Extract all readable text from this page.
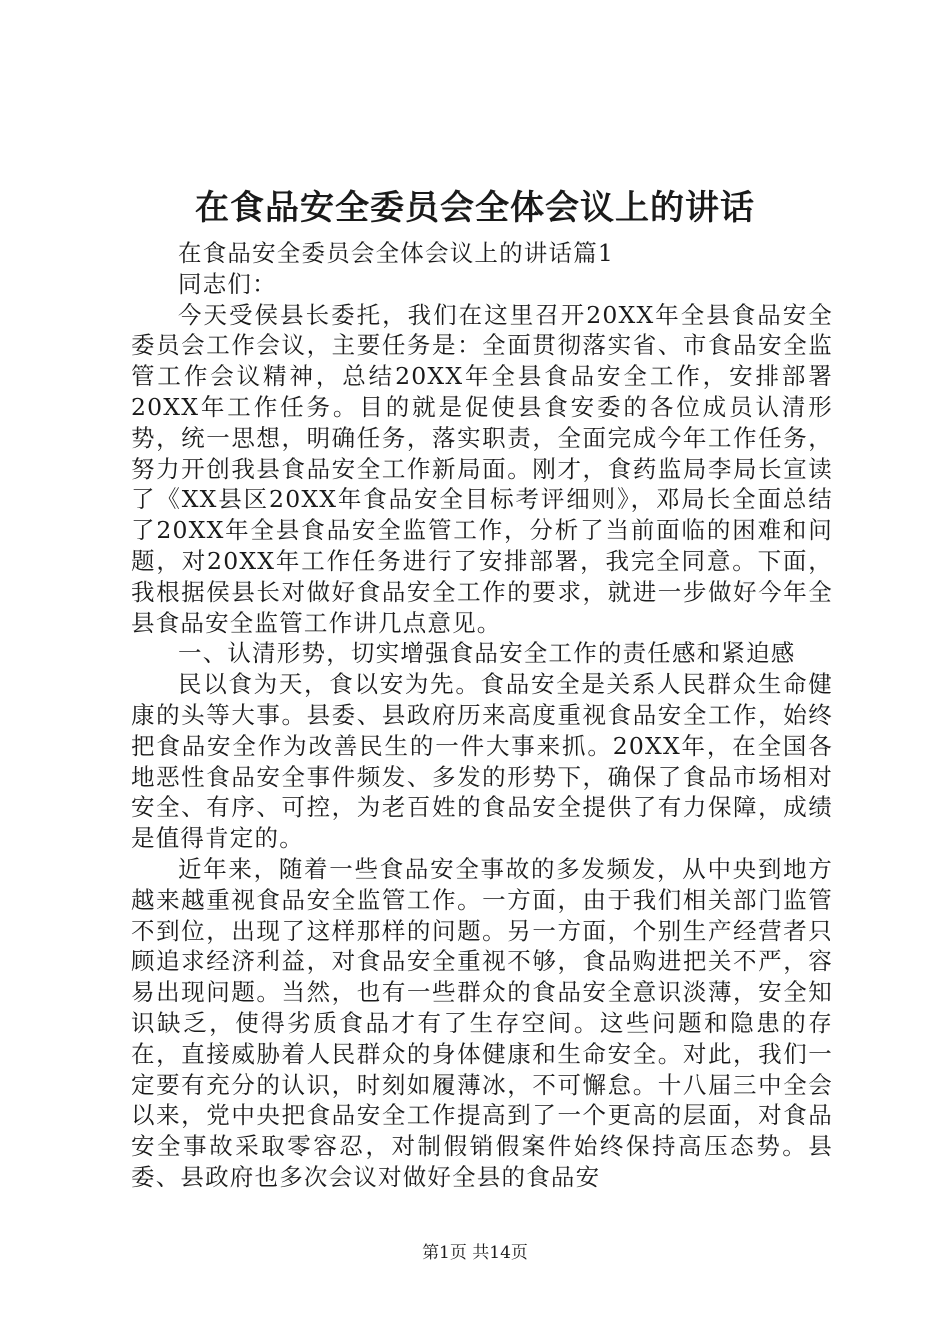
在食品安全委员会全体会议上的讲话

在食品安全委员会全体会议上的讲话篇1

同志们：

今天受侯县长委托，我们在这里召开20XX年全县食品安全委员会工作会议，主要任务是：全面贯彻落实省、市食品安全监管工作会议精神，总结20XX年全县食品安全工作，安排部署20XX年工作任务。目的就是促使县食安委的各位成员认清形势，统一思想，明确任务，落实职责，全面完成今年工作任务，努力开创我县食品安全工作新局面。刚才，食药监局李局长宣读了《XX县区20XX年食品安全目标考评细则》，邓局长全面总结了20XX年全县食品安全监管工作，分析了当前面临的困难和问题，对20XX年工作任务进行了安排部署，我完全同意。下面，我根据侯县长对做好食品安全工作的要求，就进一步做好今年全县食品安全监管工作讲几点意见。

一、认清形势，切实增强食品安全工作的责任感和紧迫感

民以食为天，食以安为先。食品安全是关系人民群众生命健康的头等大事。县委、县政府历来高度重视食品安全工作，始终把食品安全作为改善民生的一件大事来抓。20XX年，在全国各地恶性食品安全事件频发、多发的形势下，确保了食品市场相对安全、有序、可控，为老百姓的食品安全提供了有力保障，成绩是值得肯定的。

近年来，随着一些食品安全事故的多发频发，从中央到地方越来越重视食品安全监管工作。一方面，由于我们相关部门监管不到位，出现了这样那样的问题。另一方面，个别生产经营者只顾追求经济利益，对食品安全重视不够，食品购进把关不严，容易出现问题。当然，也有一些群众的食品安全意识淡薄，安全知识缺乏，使得劣质食品才有了生存空间。这些问题和隐患的存在，直接威胁着人民群众的身体健康和生命安全。对此，我们一定要有充分的认识，时刻如履薄冰，不可懈怠。十八届三中全会以来，党中央把食品安全工作提高到了一个更高的层面，对食品安全事故采取零容忍，对制假销假案件始终保持高压态势。县委、县政府也多次会议对做好全县的食品安

第1页 共14页
